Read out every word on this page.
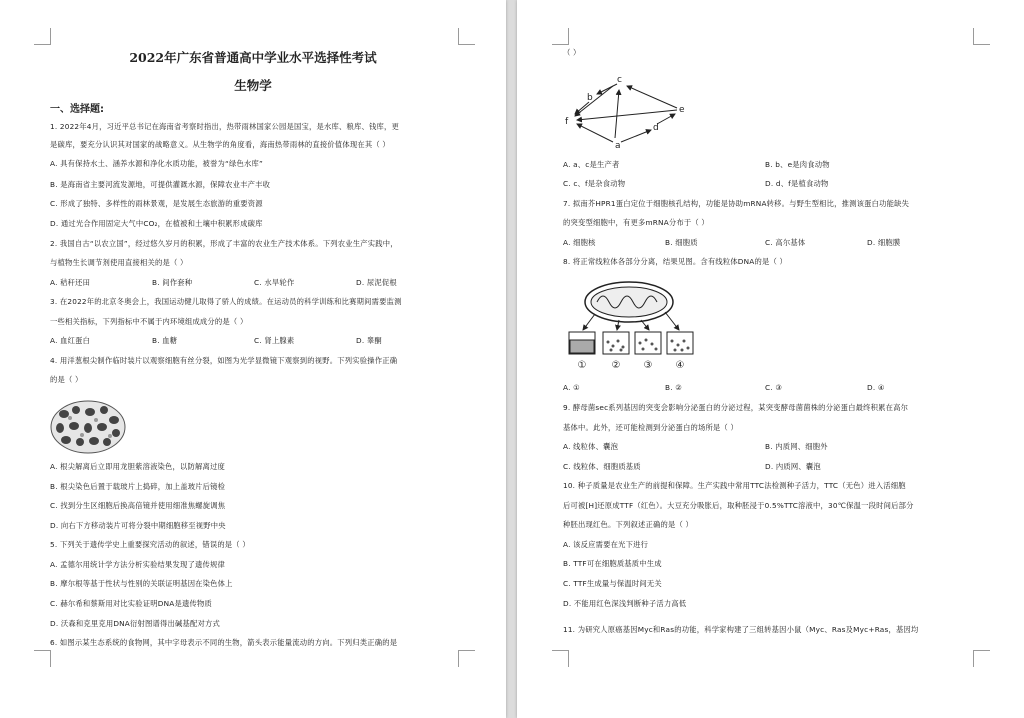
2022年广东省普通高中学业水平选择性考试
生物学
一、选择题:
1. 2022年4月，习近平总书记在海南省考察时指出，热带雨林国家公园是国宝，是水库、粮库、钱库，更
是碳库，要充分认识其对国家的战略意义。从生物学的角度看，海南热带雨林的直接价值体现在其（ ）
A. 具有保持水土、涵养水源和净化水质功能，被誉为“绿色水库”
B. 是海南省主要河流发源地，可提供灌溉水源，保障农业丰产丰收
C. 形成了独特、多样性的雨林景观，是发展生态旅游的重要资源
D. 通过光合作用固定大气中CO₂，在植被和土壤中积累形成碳库
2. 我国自古“以农立国”，经过悠久岁月的积累，形成了丰富的农业生产技术体系。下列农业生产实践中，
与植物生长调节剂使用直接相关的是（ ）
A. 秸秆还田	B. 间作套种	C. 水旱轮作	D. 尿泥促根
3. 在2022年的北京冬奥会上，我国运动健儿取得了骄人的成绩。在运动员的科学训练和比赛期间需要监测
一些相关指标，下列指标中不属于内环境组成成分的是（ ）
A. 血红蛋白	B. 血糖	C. 肾上腺素	D. 睾酮
4. 用洋葱根尖制作临时装片以观察细胞有丝分裂，如图为光学显微镜下观察到的视野。下列实验操作正确
的是（ ）
A. 根尖解离后立即用龙胆紫溶液染色，以防解离过度
B. 根尖染色后置于载玻片上捣碎，加上盖玻片后镜检
C. 找到分生区细胞后换高倍镜并使用细准焦螺旋调焦
D. 向右下方移动装片可将分裂中期细胞移至视野中央
5. 下列关于遗传学史上重要探究活动的叙述，错误的是（ ）
A. 孟德尔用统计学方法分析实验结果发现了遗传规律
B. 摩尔根等基于性状与性别的关联证明基因在染色体上
C. 赫尔希和蔡斯用对比实验证明DNA是遗传物质
D. 沃森和克里克用DNA衍射图谱得出碱基配对方式
6. 如图示某生态系统的食物网，其中字母表示不同的生物，箭头表示能量流动的方向。下列归类正确的是
（ ）
c
b
e
f
a
d
A. a、c是生产者	B. b、e是肉食动物
C. c、f是杂食动物	D. d、f是植食动物
7. 拟南芥HPR1蛋白定位于细胞核孔结构，功能是协助mRNA转移。与野生型相比，推测该蛋白功能缺失
的突变型细胞中，有更多mRNA分布于（ ）
A. 细胞核	B. 细胞质	C. 高尔基体	D. 细胞膜
8. 将正常线粒体各部分分离，结果见图。含有线粒体DNA的是（ ）
①	② ③ ④
A. ①	B. ②	C. ③	D. ④
9. 酵母菌sec系列基因的突变会影响分泌蛋白的分泌过程，某突变酵母菌菌株的分泌蛋白最终积累在高尔
基体中。此外，还可能检测到分泌蛋白的场所是（ ）
A. 线粒体、囊泡	B. 内质网、细胞外
C. 线粒体、细胞质基质	D. 内质网、囊泡
10. 种子质量是农业生产的前提和保障。生产实践中常用TTC法检测种子活力，TTC（无色）进入活细胞
后可被[H]还原成TTF（红色）。大豆充分吸胀后，取种胚浸于0.5%TTC溶液中，30℃保温一段时间后部分
种胚出现红色。下列叙述正确的是（ ）
A. 该反应需要在光下进行
B. TTF可在细胞质基质中生成
C. TTF生成量与保温时间无关
D. 不能用红色深浅判断种子活力高低
11. 为研究人原癌基因Myc和Ras的功能，科学家构建了三组转基因小鼠（Myc、Ras及Myc+Ras，基因均
